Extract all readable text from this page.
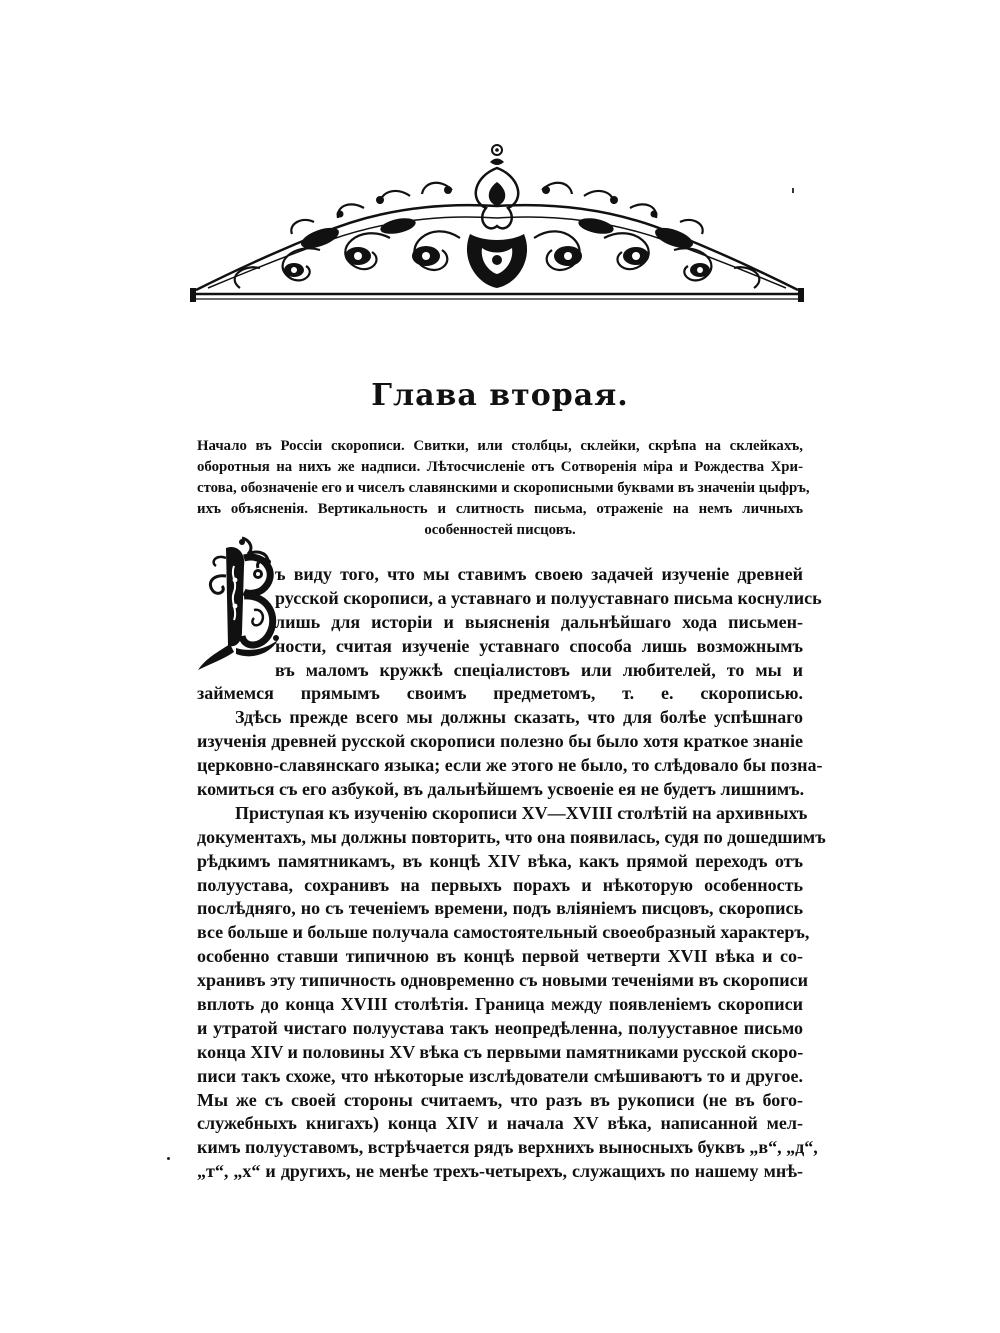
Глава вторая.
Начало въ Россiи скорописи. Свитки, или столбцы, склейки, скрѣпа на склейкахъ,
оборотныя на нихъ же надписи. Лѣтосчисленiе отъ Сотворенiя мiра и Рождества Хри-
стова, обозначенiе его и чиселъ славянскими и скорописными буквами въ значенiи цыфръ,
ихъ объясненiя. Вертикальность и слитность письма, отраженiе на немъ личныхъ
особенностей писцовъ.
ъ виду того, что мы ставимъ своею задачей изученiе древней
русской скорописи, а уставнаго и полууставнаго письма коснулись
лишь для исторiи и выясненiя дальнѣйшаго хода письмен-
ности, считая изученiе уставнаго способа лишь возможнымъ
въ маломъ кружкѣ спецiалистовъ или любителей, то мы и
займемся прямымъ своимъ предметомъ, т. е. скорописью.
Здѣсь прежде всего мы должны сказать, что для болѣе успѣшнаго
изученiя древней русской скорописи полезно бы было хотя краткое знанiе
церковно-славянскаго языка; если же этого не было, то слѣдовало бы позна-
комиться съ его азбукой, въ дальнѣйшемъ усвоенiе ея не будетъ лишнимъ.
Приступая къ изученiю скорописи XV—XVIII столѣтiй на архивныхъ
документахъ, мы должны повторить, что она появилась, судя по дошедшимъ
рѣдкимъ памятникамъ, въ концѣ XIV вѣка, какъ прямой переходъ отъ
полуустава, сохранивъ на первыхъ порахъ и нѣкоторую особенность
послѣдняго, но съ теченiемъ времени, подъ влiянiемъ писцовъ, скоропись
все больше и больше получала самостоятельный своеобразный характеръ,
особенно ставши типичною въ концѣ первой четверти XVII вѣка и со-
хранивъ эту типичность одновременно съ новыми теченiями въ скорописи
вплоть до конца XVIII столѣтiя. Граница между появленiемъ скорописи
и утратой чистаго полуустава такъ неопредѣленна, полууставное письмо
конца XIV и половины XV вѣка съ первыми памятниками русской скоро-
писи такъ схоже, что нѣкоторые изслѣдователи смѣшиваютъ то и другое.
Мы же съ своей стороны считаемъ, что разъ въ рукописи (не въ бого-
служебныхъ книгахъ) конца XIV и начала XV вѣка, написанной мел-
кимъ полууставомъ, встрѣчается рядъ верхнихъ выносныхъ буквъ „в“, „д“,
„т“, „х“ и другихъ, не менѣе трехъ-четырехъ, служащихъ по нашему мнѣ-
